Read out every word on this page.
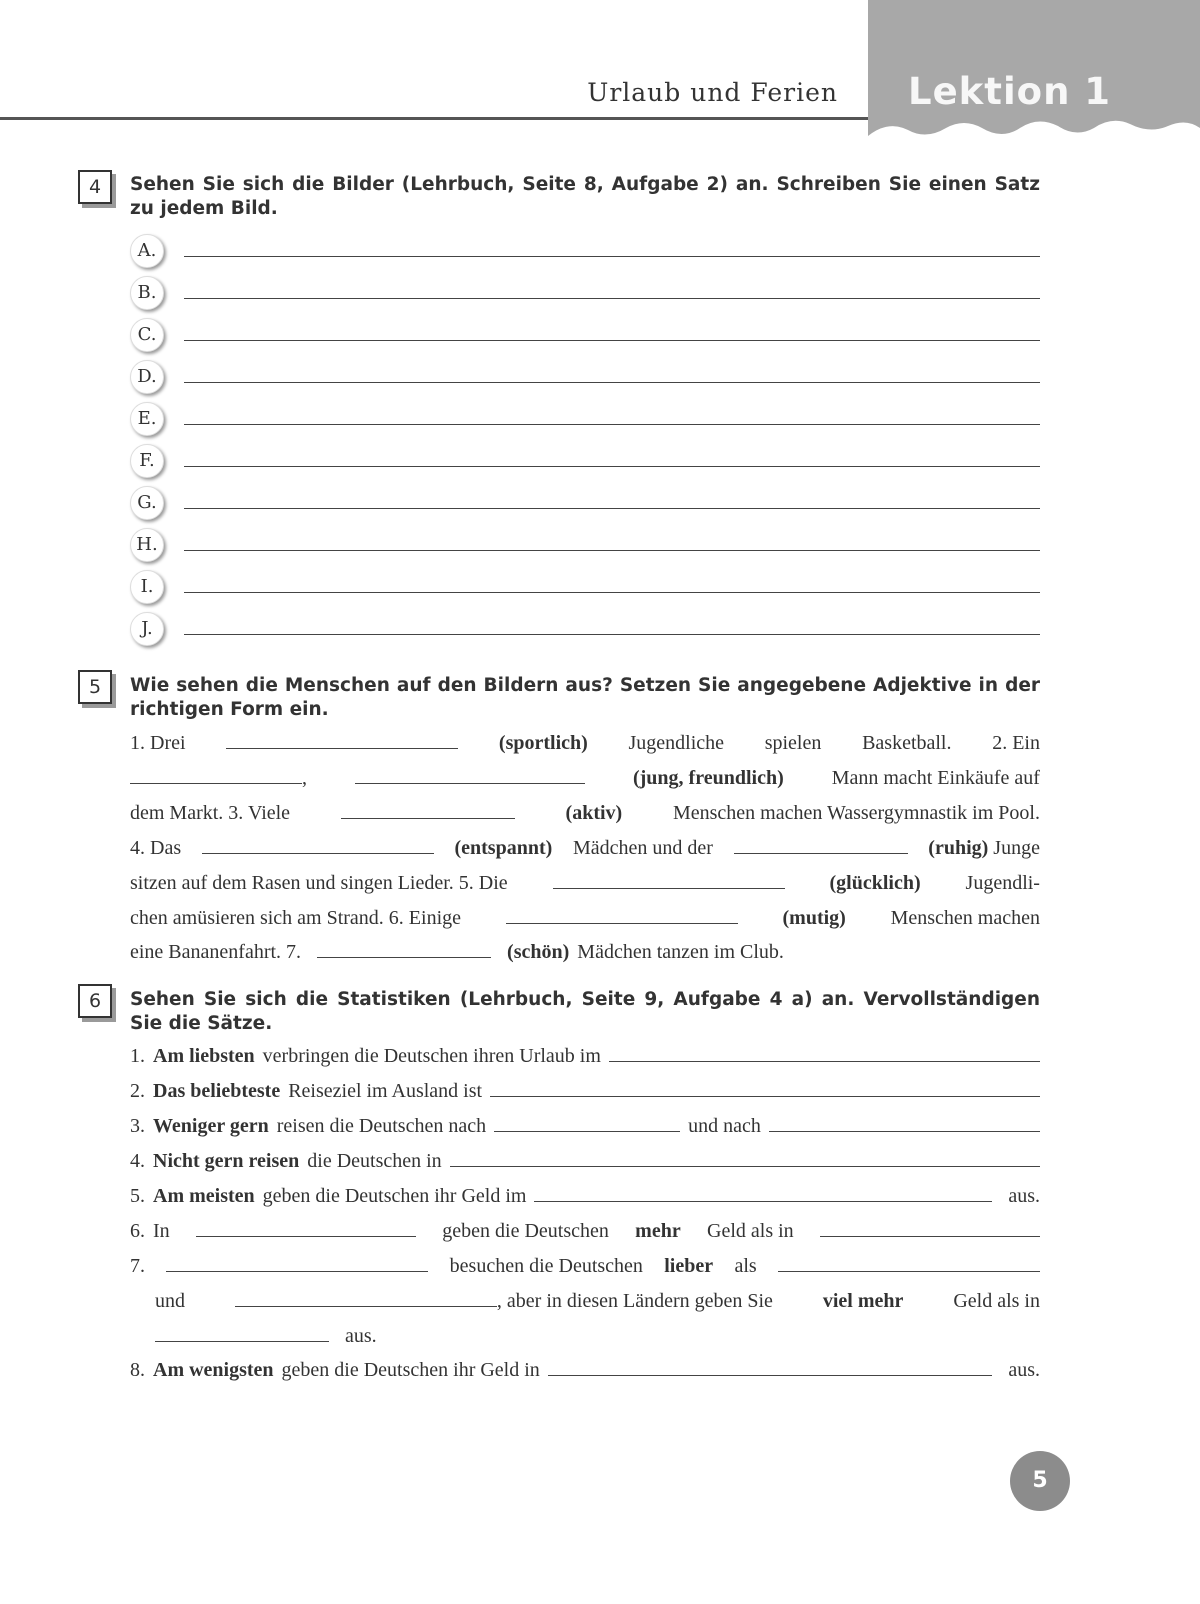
Urlaub und Ferien Lektion 1
4	Sehen Sie sich die Bilder (Lehrbuch, Seite 8, Aufgabe 2) an. Schreiben Sie einen Satz zu jedem Bild.
A.
B.
C.
D.
E.
F.
G.
H.
I.
J.
5	Wie sehen die Menschen auf den Bildern aus? Setzen Sie angegebene Adjektive in der richtigen Form ein.
1. Drei	(sportlich) Jugendliche spielen Basketball. 2. Ein
,	(jung, freundlich) Mann macht Einkäufe auf
dem Markt. 3. Viele	(aktiv)	Menschen machen Wassergymnastik im Pool.
4. Das	(entspannt) Mädchen und der	(ruhig) Junge
sitzen auf dem Rasen und singen Lieder. 5. Die	(glücklich) Jugendli-
chen amüsieren sich am Strand. 6. Einige	(mutig) Menschen machen
eine Bananenfahrt. 7.	(schön) Mädchen tanzen im Club.
6	Sehen Sie sich die Statistiken (Lehrbuch, Seite 9, Aufgabe 4 a) an. Vervollständigen Sie die Sätze.
1. Am liebsten verbringen die Deutschen ihren Urlaub im
2. Das beliebteste Reiseziel im Ausland ist
3. Weniger gern reisen die Deutschen nach	und nach
4. Nicht gern reisen die Deutschen in
5. Am meisten geben die Deutschen ihr Geld im	aus.
6. In	geben die Deutschen mehr Geld als in
7.	besuchen die Deutschen lieber als
und	, aber in diesen Ländern geben Sie viel mehr Geld als in
aus.
8. Am wenigsten geben die Deutschen ihr Geld in	aus.
5
